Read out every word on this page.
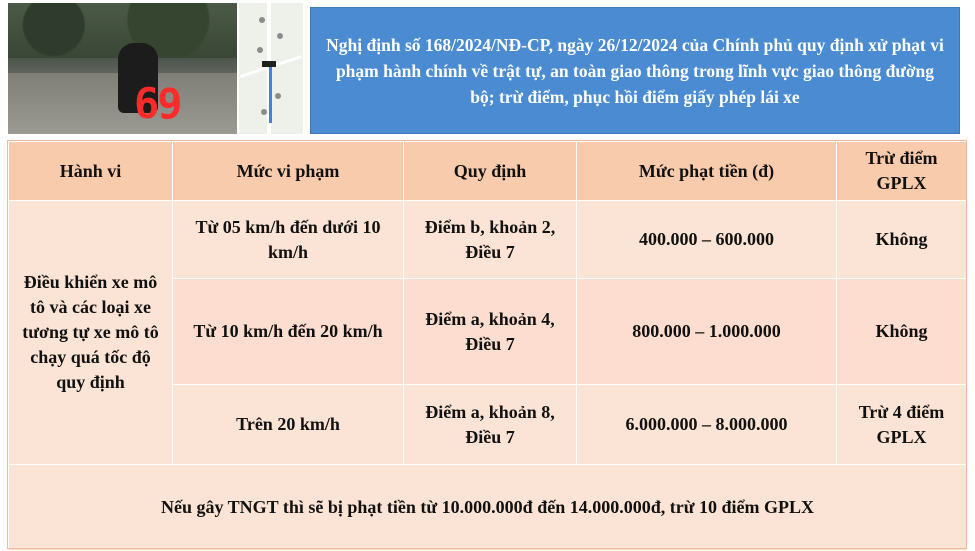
69
Nghị định số 168/2024/NĐ-CP, ngày 26/12/2024 của Chính phủ quy định xử phạt vi phạm hành chính về trật tự, an toàn giao thông trong lĩnh vực giao thông đường bộ; trừ điểm, phục hồi điểm giấy phép lái xe
Hành vi	Mức vi phạm	Quy định	Mức phạt tiền (đ)	Trừ điểm GPLX
Điều khiển xe mô tô và các loại xe tương tự xe mô tô chạy quá tốc độ quy định	Từ 05 km/h đến dưới 10 km/h	Điểm b, khoản 2, Điều 7	400.000 – 600.000	Không
	Từ 10 km/h đến 20 km/h	Điểm a, khoản 4, Điều 7	800.000 – 1.000.000	Không
	Trên 20 km/h	Điểm a, khoản 8, Điều 7	6.000.000 – 8.000.000	Trừ 4 điểm GPLX
Nếu gây TNGT thì sẽ bị phạt tiền từ 10.000.000đ đến 14.000.000đ, trừ 10 điểm GPLX				
